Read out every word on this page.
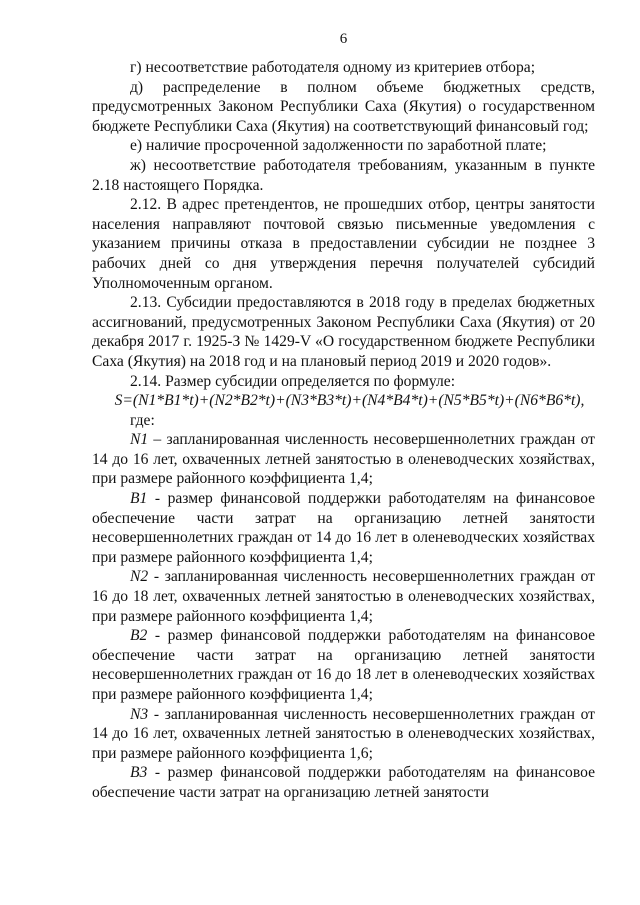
6

г) несоответствие работодателя одному из критериев отбора;

д) распределение в полном объеме бюджетных средств, предусмотренных Законом Республики Саха (Якутия) о государственном бюджете Республики Саха (Якутия) на соответствующий финансовый год;

е) наличие просроченной задолженности по заработной плате;

ж) несоответствие работодателя требованиям, указанным в пункте 2.18 настоящего Порядка.

2.12. В адрес претендентов, не прошедших отбор, центры занятости населения направляют почтовой связью письменные уведомления с указанием причины отказа в предоставлении субсидии не позднее 3 рабочих дней со дня утверждения перечня получателей субсидий Уполномоченным органом.

2.13. Субсидии предоставляются в 2018 году в пределах бюджетных ассигнований, предусмотренных Законом Республики Саха (Якутия) от 20 декабря 2017 г. 1925-З № 1429-V «О государственном бюджете Республики Саха (Якутия) на 2018 год и на плановый период 2019 и 2020 годов».

2.14. Размер субсидии определяется по формуле:

S=(N1*B1*t)+(N2*B2*t)+(N3*B3*t)+(N4*B4*t)+(N5*B5*t)+(N6*B6*t),

где:

N1 – запланированная численность несовершеннолетних граждан от 14 до 16 лет, охваченных летней занятостью в оленеводческих хозяйствах, при размере районного коэффициента 1,4;

B1 - размер финансовой поддержки работодателям на финансовое обеспечение части затрат на организацию летней занятости несовершеннолетних граждан от 14 до 16 лет в оленеводческих хозяйствах при размере районного коэффициента 1,4;

N2 - запланированная численность несовершеннолетних граждан от 16 до 18 лет, охваченных летней занятостью в оленеводческих хозяйствах, при размере районного коэффициента 1,4;

B2 - размер финансовой поддержки работодателям на финансовое обеспечение части затрат на организацию летней занятости несовершеннолетних граждан от 16 до 18 лет в оленеводческих хозяйствах при размере районного коэффициента 1,4;

N3 - запланированная численность несовершеннолетних граждан от 14 до 16 лет, охваченных летней занятостью в оленеводческих хозяйствах, при размере районного коэффициента 1,6;

B3 - размер финансовой поддержки работодателям на финансовое обеспечение части затрат на организацию летней занятости
